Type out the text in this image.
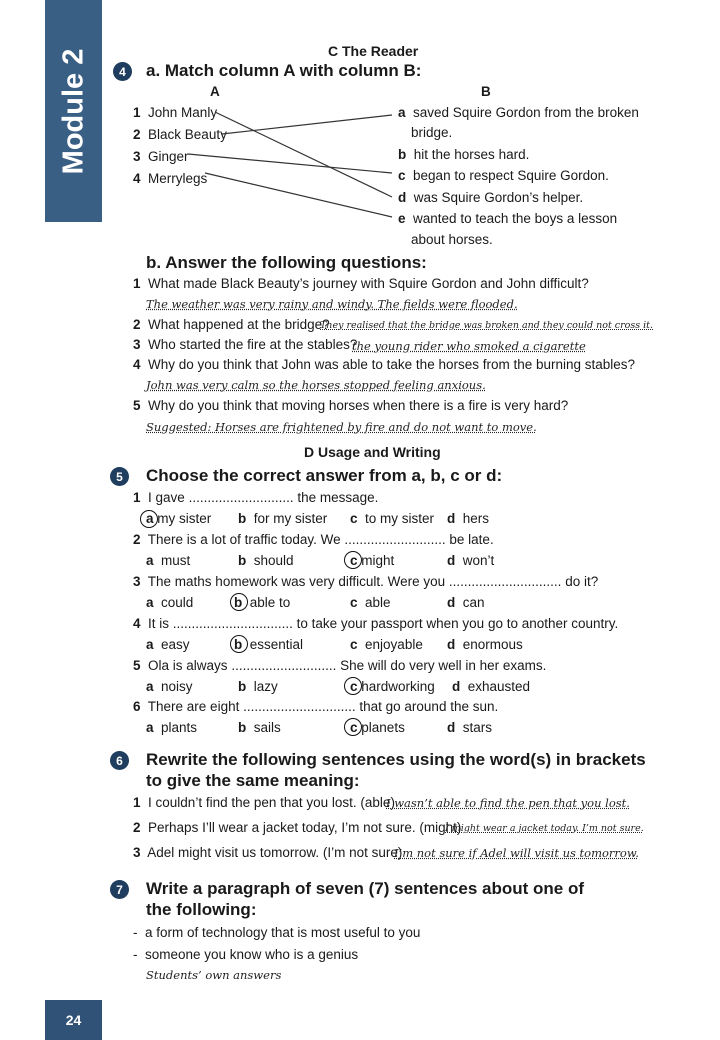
Module 2
24
C The Reader
4	a. Match column A with column B:
A	B
1 John Manly
2 Black Beauty
3 Ginger
4 Merrylegs
a saved Squire Gordon from the broken
bridge.
b hit the horses hard.
c began to respect Squire Gordon.
d was Squire Gordon’s helper.
e wanted to teach the boys a lesson
about horses.
b. Answer the following questions:
1 What made Black Beauty’s journey with Squire Gordon and John difficult?
The weather was very rainy and windy. The fields were flooded.
2 What happened at the bridge?
They realised that the bridge was broken and they could not cross it.
3 Who started the fire at the stables?
the young rider who smoked a cigarette
4 Why do you think that John was able to take the horses from the burning stables?
John was very calm so the horses stopped feeling anxious.
5 Why do you think that moving horses when there is a fire is very hard?
Suggested: Horses are frightened by fire and do not want to move.
D Usage and Writing
5	Choose the correct answer from a, b, c or d:
1 I gave ............................ the message.
a my sister b for my sister c to my sister d hers
2 There is a lot of traffic today. We ........................... be late.
a must	b should	c might	d won’t
3 The maths homework was very difficult. Were you .............................. do it?
a could	b able to	c able	d can
4 It is ................................ to take your passport when you go to another country.
a easy	b essential	c enjoyable d enormous
5 Ola is always ............................ She will do very well in her exams.
a noisy	b lazy	c hardworking d exhausted
6 There are eight .............................. that go around the sun.
a plants	b sails	c planets	d stars
6	Rewrite the following sentences using the word(s) in brackets
to give the same meaning:
1 I couldn’t find the pen that you lost. (able)
I wasn’t able to find the pen that you lost.
2 Perhaps I’ll wear a jacket today, I’m not sure. (might)
I might wear a jacket today. I’m not sure.
3 Adel might visit us tomorrow. (I’m not sure)
I’m not sure if Adel will visit us tomorrow.
7	Write a paragraph of seven (7) sentences about one of
the following:
-  a form of technology that is most useful to you
-  someone you know who is a genius
Students’ own answers
